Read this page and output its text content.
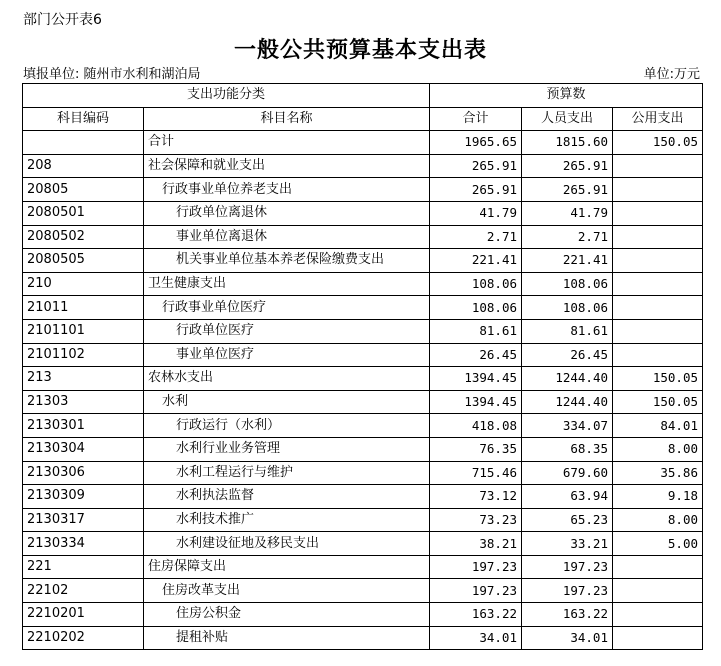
部门公开表6
一般公共预算基本支出表
填报单位: 随州市水利和湖泊局	单位:万元
支出功能分类		预算数		
科目编码	科目名称	合计	人员支出	公用支出
	合计	1965.65	1815.60	150.05
208	社会保障和就业支出	265.91	265.91	
20805	行政事业单位养老支出	265.91	265.91	
2080501	行政单位离退休	41.79	41.79	
2080502	事业单位离退休	2.71	2.71	
2080505	机关事业单位基本养老保险缴费支出	221.41	221.41	
210	卫生健康支出	108.06	108.06	
21011	行政事业单位医疗	108.06	108.06	
2101101	行政单位医疗	81.61	81.61	
2101102	事业单位医疗	26.45	26.45	
213	农林水支出	1394.45	1244.40	150.05
21303	水利	1394.45	1244.40	150.05
2130301	行政运行（水利）	418.08	334.07	84.01
2130304	水利行业业务管理	76.35	68.35	8.00
2130306	水利工程运行与维护	715.46	679.60	35.86
2130309	水利执法监督	73.12	63.94	9.18
2130317	水利技术推广	73.23	65.23	8.00
2130334	水利建设征地及移民支出	38.21	33.21	5.00
221	住房保障支出	197.23	197.23	
22102	住房改革支出	197.23	197.23	
2210201	住房公积金	163.22	163.22	
2210202	提租补贴	34.01	34.01	
